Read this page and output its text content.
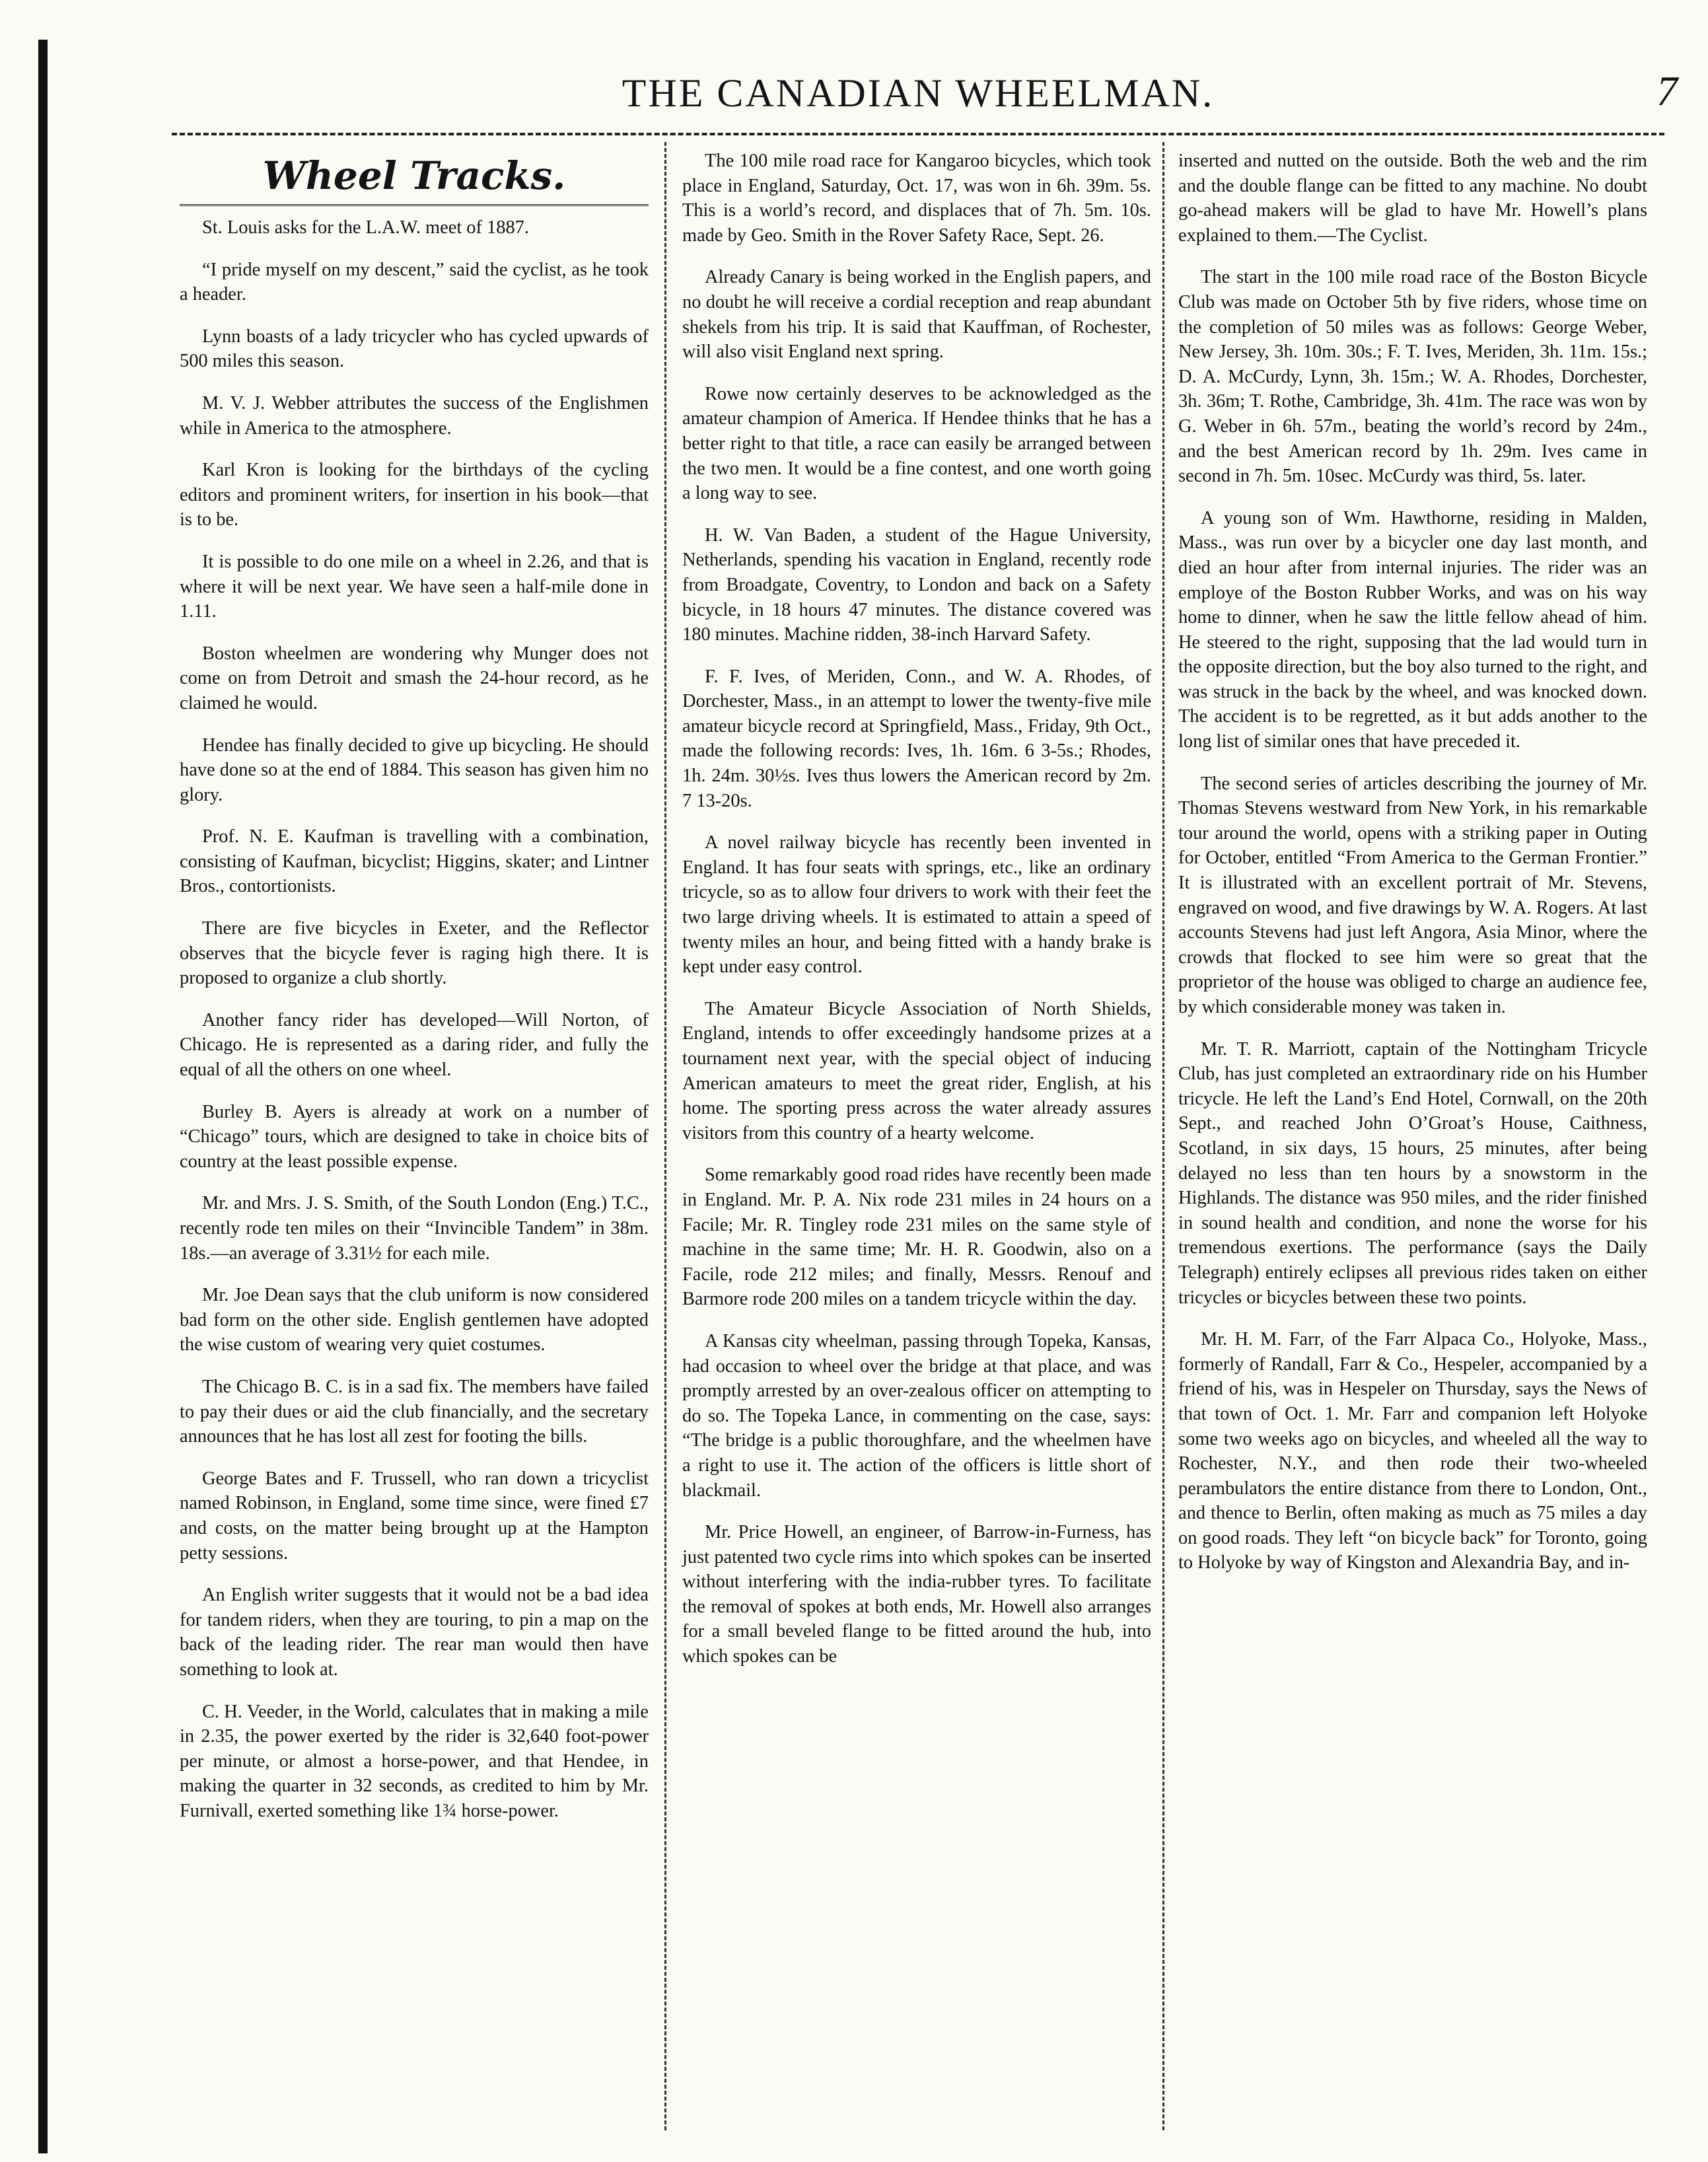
THE CANADIAN WHEELMAN.	7
Wheel Tracks.

St. Louis asks for the L.A.W. meet of 1887.

“I pride myself on my descent,” said the cyclist, as he took a header.

Lynn boasts of a lady tricycler who has cycled upwards of 500 miles this season.

M. V. J. Webber attributes the success of the Englishmen while in America to the atmosphere.

Karl Kron is looking for the birthdays of the cycling editors and prominent writers, for insertion in his book—that is to be.

It is possible to do one mile on a wheel in 2.26, and that is where it will be next year. We have seen a half-mile done in 1.11.

Boston wheelmen are wondering why Munger does not come on from Detroit and smash the 24-hour record, as he claimed he would.

Hendee has finally decided to give up bicycling. He should have done so at the end of 1884. This season has given him no glory.

Prof. N. E. Kaufman is travelling with a combination, consisting of Kaufman, bicyclist; Higgins, skater; and Lintner Bros., contortionists.

There are five bicycles in Exeter, and the Reflector observes that the bicycle fever is raging high there. It is proposed to organize a club shortly.

Another fancy rider has developed—Will Norton, of Chicago. He is represented as a daring rider, and fully the equal of all the others on one wheel.

Burley B. Ayers is already at work on a number of “Chicago” tours, which are designed to take in choice bits of country at the least possible expense.

Mr. and Mrs. J. S. Smith, of the South London (Eng.) T.C., recently rode ten miles on their “Invincible Tandem” in 38m. 18s.—an average of 3.31½ for each mile.

Mr. Joe Dean says that the club uniform is now considered bad form on the other side. English gentlemen have adopted the wise custom of wearing very quiet costumes.

The Chicago B. C. is in a sad fix. The members have failed to pay their dues or aid the club financially, and the secretary announces that he has lost all zest for footing the bills.

George Bates and F. Trussell, who ran down a tricyclist named Robinson, in England, some time since, were fined £7 and costs, on the matter being brought up at the Hampton petty sessions.

An English writer suggests that it would not be a bad idea for tandem riders, when they are touring, to pin a map on the back of the leading rider. The rear man would then have something to look at.

C. H. Veeder, in the World, calculates that in making a mile in 2.35, the power exerted by the rider is 32,640 foot-power per minute, or almost a horse-power, and that Hendee, in making the quarter in 32 seconds, as credited to him by Mr. Furnivall, exerted something like 1¾ horse-power.

The 100 mile road race for Kangaroo bicycles, which took place in England, Saturday, Oct. 17, was won in 6h. 39m. 5s. This is a world’s record, and displaces that of 7h. 5m. 10s. made by Geo. Smith in the Rover Safety Race, Sept. 26.

Already Canary is being worked in the English papers, and no doubt he will receive a cordial reception and reap abundant shekels from his trip. It is said that Kauffman, of Rochester, will also visit England next spring.

Rowe now certainly deserves to be acknowledged as the amateur champion of America. If Hendee thinks that he has a better right to that title, a race can easily be arranged between the two men. It would be a fine contest, and one worth going a long way to see.

H. W. Van Baden, a student of the Hague University, Netherlands, spending his vacation in England, recently rode from Broadgate, Coventry, to London and back on a Safety bicycle, in 18 hours 47 minutes. The distance covered was 180 minutes. Machine ridden, 38-inch Harvard Safety.

F. F. Ives, of Meriden, Conn., and W. A. Rhodes, of Dorchester, Mass., in an attempt to lower the twenty-five mile amateur bicycle record at Springfield, Mass., Friday, 9th Oct., made the following records: Ives, 1h. 16m. 6 3-5s.; Rhodes, 1h. 24m. 30½s. Ives thus lowers the American record by 2m. 7 13-20s.

A novel railway bicycle has recently been invented in England. It has four seats with springs, etc., like an ordinary tricycle, so as to allow four drivers to work with their feet the two large driving wheels. It is estimated to attain a speed of twenty miles an hour, and being fitted with a handy brake is kept under easy control.

The Amateur Bicycle Association of North Shields, England, intends to offer exceedingly handsome prizes at a tournament next year, with the special object of inducing American amateurs to meet the great rider, English, at his home. The sporting press across the water already assures visitors from this country of a hearty welcome.

Some remarkably good road rides have recently been made in England. Mr. P. A. Nix rode 231 miles in 24 hours on a Facile; Mr. R. Tingley rode 231 miles on the same style of machine in the same time; Mr. H. R. Goodwin, also on a Facile, rode 212 miles; and finally, Messrs. Renouf and Barmore rode 200 miles on a tandem tricycle within the day.

A Kansas city wheelman, passing through Topeka, Kansas, had occasion to wheel over the bridge at that place, and was promptly arrested by an over-zealous officer on attempting to do so. The Topeka Lance, in commenting on the case, says: “The bridge is a public thoroughfare, and the wheelmen have a right to use it. The action of the officers is little short of blackmail.

Mr. Price Howell, an engineer, of Barrow-in-Furness, has just patented two cycle rims into which spokes can be inserted without interfering with the india-rubber tyres. To facilitate the removal of spokes at both ends, Mr. Howell also arranges for a small beveled flange to be fitted around the hub, into which spokes can be

inserted and nutted on the outside. Both the web and the rim and the double flange can be fitted to any machine. No doubt go-ahead makers will be glad to have Mr. Howell’s plans explained to them.—The Cyclist.

The start in the 100 mile road race of the Boston Bicycle Club was made on October 5th by five riders, whose time on the completion of 50 miles was as follows: George Weber, New Jersey, 3h. 10m. 30s.; F. T. Ives, Meriden, 3h. 11m. 15s.; D. A. McCurdy, Lynn, 3h. 15m.; W. A. Rhodes, Dorchester, 3h. 36m; T. Rothe, Cambridge, 3h. 41m. The race was won by G. Weber in 6h. 57m., beating the world’s record by 24m., and the best American record by 1h. 29m. Ives came in second in 7h. 5m. 10sec. McCurdy was third, 5s. later.

A young son of Wm. Hawthorne, residing in Malden, Mass., was run over by a bicycler one day last month, and died an hour after from internal injuries. The rider was an employe of the Boston Rubber Works, and was on his way home to dinner, when he saw the little fellow ahead of him. He steered to the right, supposing that the lad would turn in the opposite direction, but the boy also turned to the right, and was struck in the back by the wheel, and was knocked down. The accident is to be regretted, as it but adds another to the long list of similar ones that have preceded it.

The second series of articles describing the journey of Mr. Thomas Stevens westward from New York, in his remarkable tour around the world, opens with a striking paper in Outing for October, entitled “From America to the German Frontier.” It is illustrated with an excellent portrait of Mr. Stevens, engraved on wood, and five drawings by W. A. Rogers. At last accounts Stevens had just left Angora, Asia Minor, where the crowds that flocked to see him were so great that the proprietor of the house was obliged to charge an audience fee, by which considerable money was taken in.

Mr. T. R. Marriott, captain of the Nottingham Tricycle Club, has just completed an extraordinary ride on his Humber tricycle. He left the Land’s End Hotel, Cornwall, on the 20th Sept., and reached John O’Groat’s House, Caithness, Scotland, in six days, 15 hours, 25 minutes, after being delayed no less than ten hours by a snowstorm in the Highlands. The distance was 950 miles, and the rider finished in sound health and condition, and none the worse for his tremendous exertions. The performance (says the Daily Telegraph) entirely eclipses all previous rides taken on either tricycles or bicycles between these two points.

Mr. H. M. Farr, of the Farr Alpaca Co., Holyoke, Mass., formerly of Randall, Farr & Co., Hespeler, accompanied by a friend of his, was in Hespeler on Thursday, says the News of that town of Oct. 1. Mr. Farr and companion left Holyoke some two weeks ago on bicycles, and wheeled all the way to Rochester, N.Y., and then rode their two-wheeled perambulators the entire distance from there to London, Ont., and thence to Berlin, often making as much as 75 miles a day on good roads. They left “on bicycle back” for Toronto, going to Holyoke by way of Kingston and Alexandria Bay, and in-
